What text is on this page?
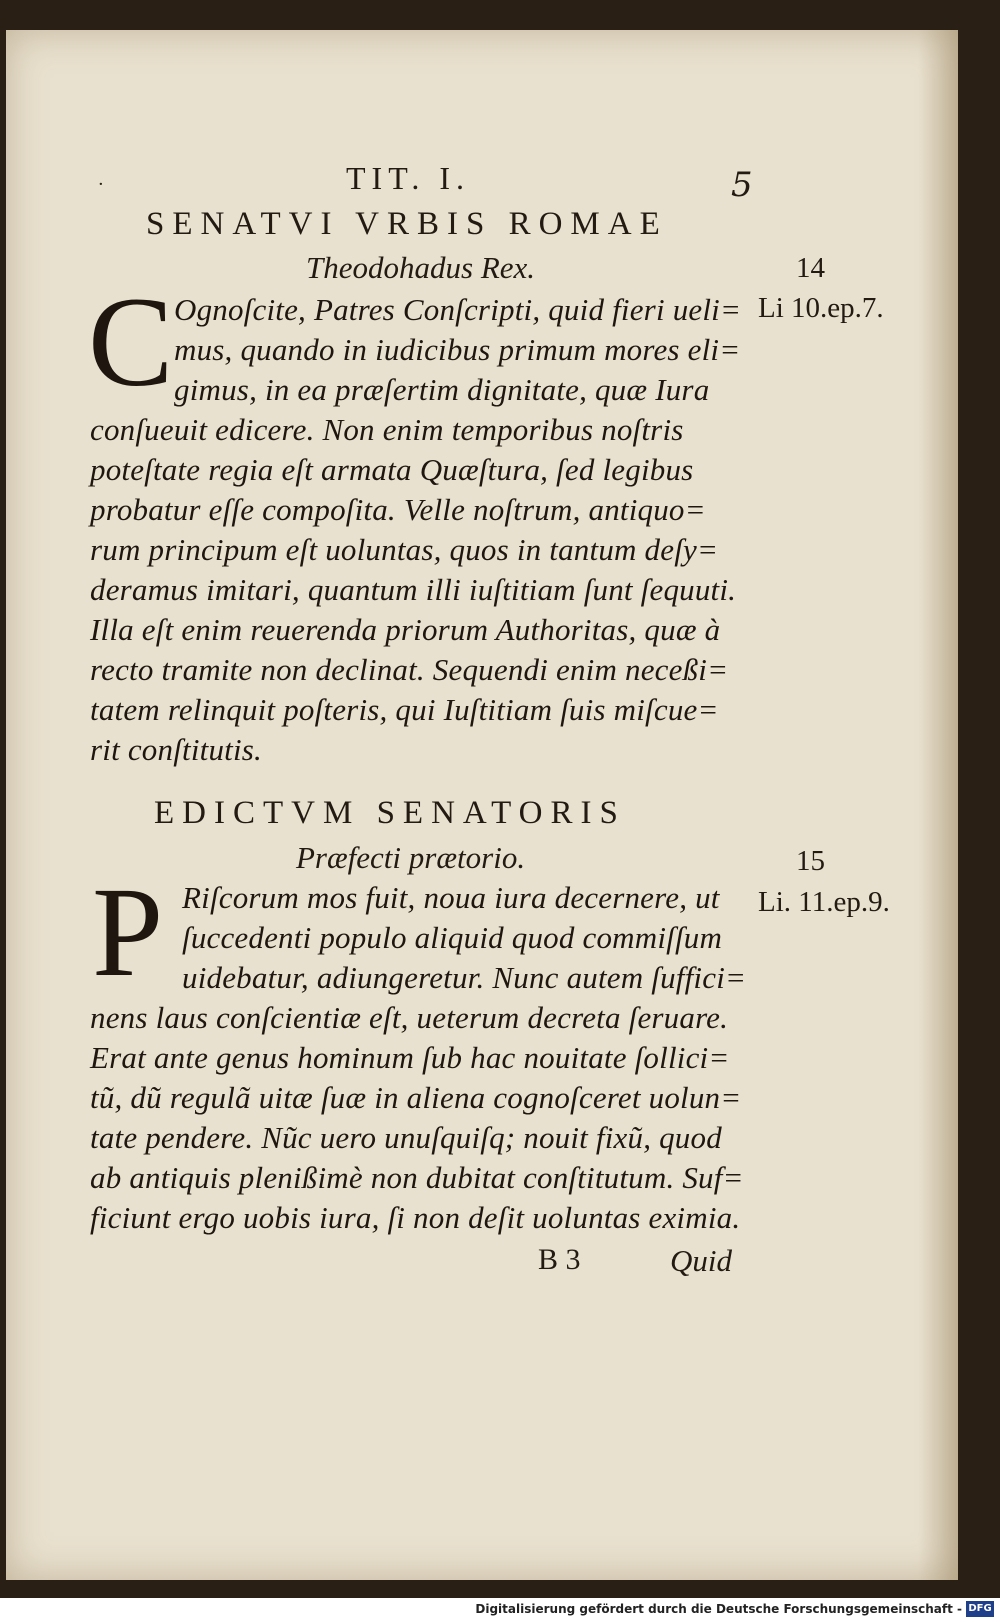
·	TIT. I.	5
SENATVI VRBIS ROMAE
Theodohadus Rex.
C Ognoſcite, Patres Conſcripti, quid fieri ueli=
mus, quando in iudicibus primum mores eli=
gimus, in ea præſertim dignitate, quæ Iura
conſueuit edicere. Non enim temporibus noſtris
poteſtate regia eſt armata Quæſtura, ſed legibus
probatur eſſe compoſita. Velle noſtrum, antiquo=
rum principum eſt uoluntas, quos in tantum deſy=
deramus imitari, quantum illi iuſtitiam ſunt ſequuti.
Illa eſt enim reuerenda priorum Authoritas, quæ à
recto tramite non declinat. Sequendi enim neceßi=
tatem relinquit poſteris, qui Iuſtitiam ſuis miſcue=
rit conſtitutis.
14
Li 10.ep.7.
EDICTVM SENATORIS
Præfecti prætorio.
P Riſcorum mos fuit, noua iura decernere, ut
ſuccedenti populo aliquid quod commiſſum
uidebatur, adiungeretur. Nunc autem ſuffici=
nens laus conſcientiæ eſt, ueterum decreta ſeruare.
Erat ante genus hominum ſub hac nouitate ſollici=
tũ, dũ regulã uitæ ſuæ in aliena cognoſceret uolun=
tate pendere. Nũc uero unuſquiſq; nouit fixũ, quod
ab antiquis plenißimè non dubitat conſtitutum. Suf=
ficiunt ergo uobis iura, ſi non deſit uoluntas eximia.
15
Li. 11.ep.9.
B 3	Quid
Digitalisierung gefördert durch die Deutsche Forschungsgemeinschaft - DFG
